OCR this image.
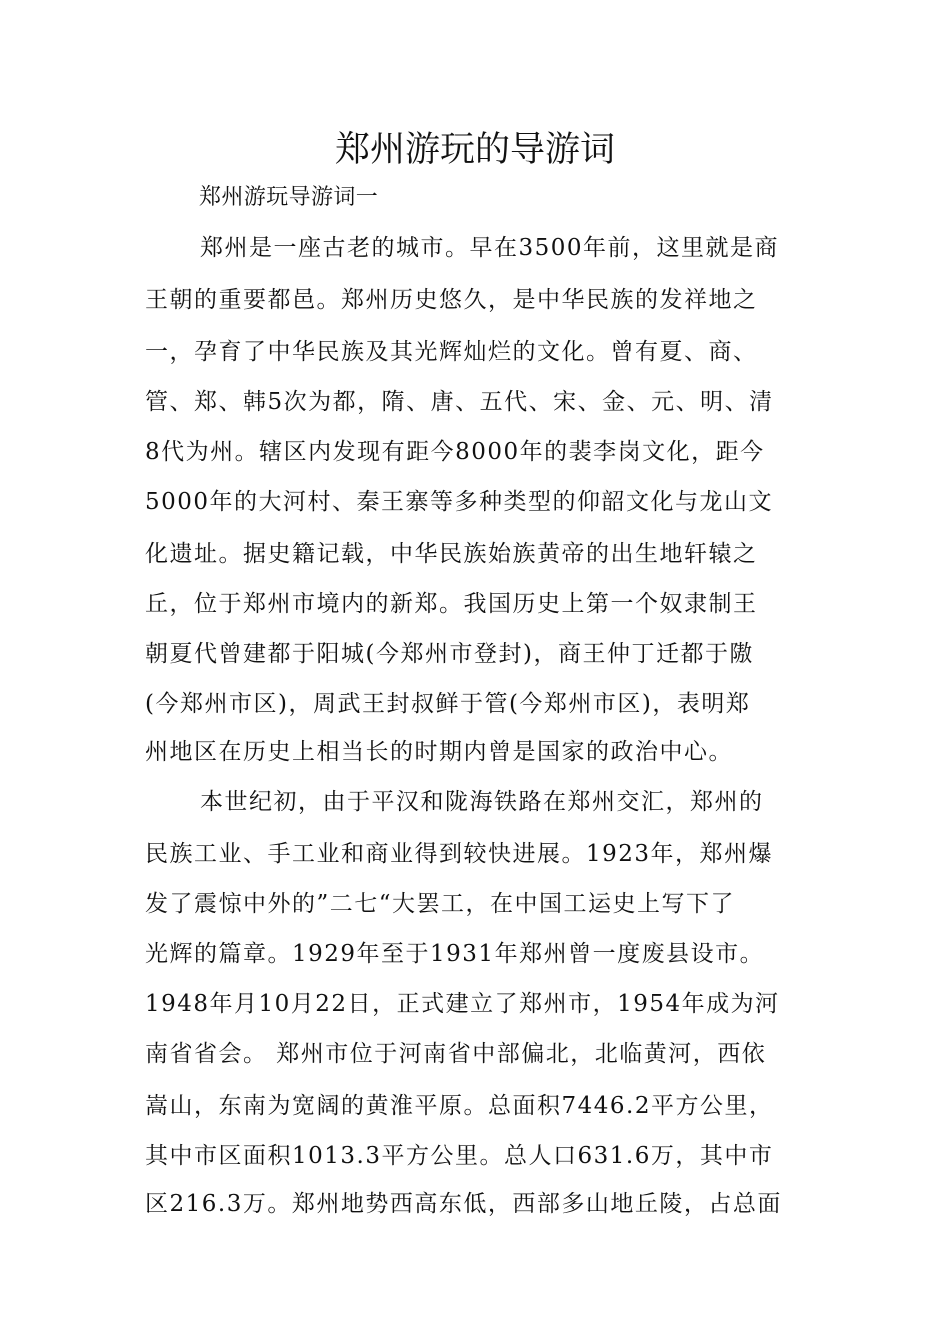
郑州游玩的导游词
郑州游玩导游词一
郑州是一座古老的城市。早在3500年前，这里就是商
王朝的重要都邑。郑州历史悠久，是中华民族的发祥地之
一，孕育了中华民族及其光辉灿烂的文化。曾有夏、商、
管、郑、韩5次为都，隋、唐、五代、宋、金、元、明、清
8代为州。辖区内发现有距今8000年的裴李岗文化，距今
5000年的大河村、秦王寨等多种类型的仰韶文化与龙山文
化遗址。据史籍记载，中华民族始族黄帝的出生地轩辕之
丘，位于郑州市境内的新郑。我国历史上第一个奴隶制王
朝夏代曾建都于阳城(今郑州市登封)，商王仲丁迁都于隞
(今郑州市区)，周武王封叔鲜于管(今郑州市区)，表明郑
州地区在历史上相当长的时期内曾是国家的政治中心。
本世纪初，由于平汉和陇海铁路在郑州交汇，郑州的
民族工业、手工业和商业得到较快进展。1923年，郑州爆
发了震惊中外的”二七“大罢工，在中国工运史上写下了
光辉的篇章。1929年至于1931年郑州曾一度废县设市。
1948年月10月22日，正式建立了郑州市，1954年成为河
南省省会。 郑州市位于河南省中部偏北，北临黄河，西依
嵩山，东南为宽阔的黄淮平原。总面积7446.2平方公里，
其中市区面积1013.3平方公里。总人口631.6万，其中市
区216.3万。郑州地势西高东低，西部多山地丘陵，占总面
